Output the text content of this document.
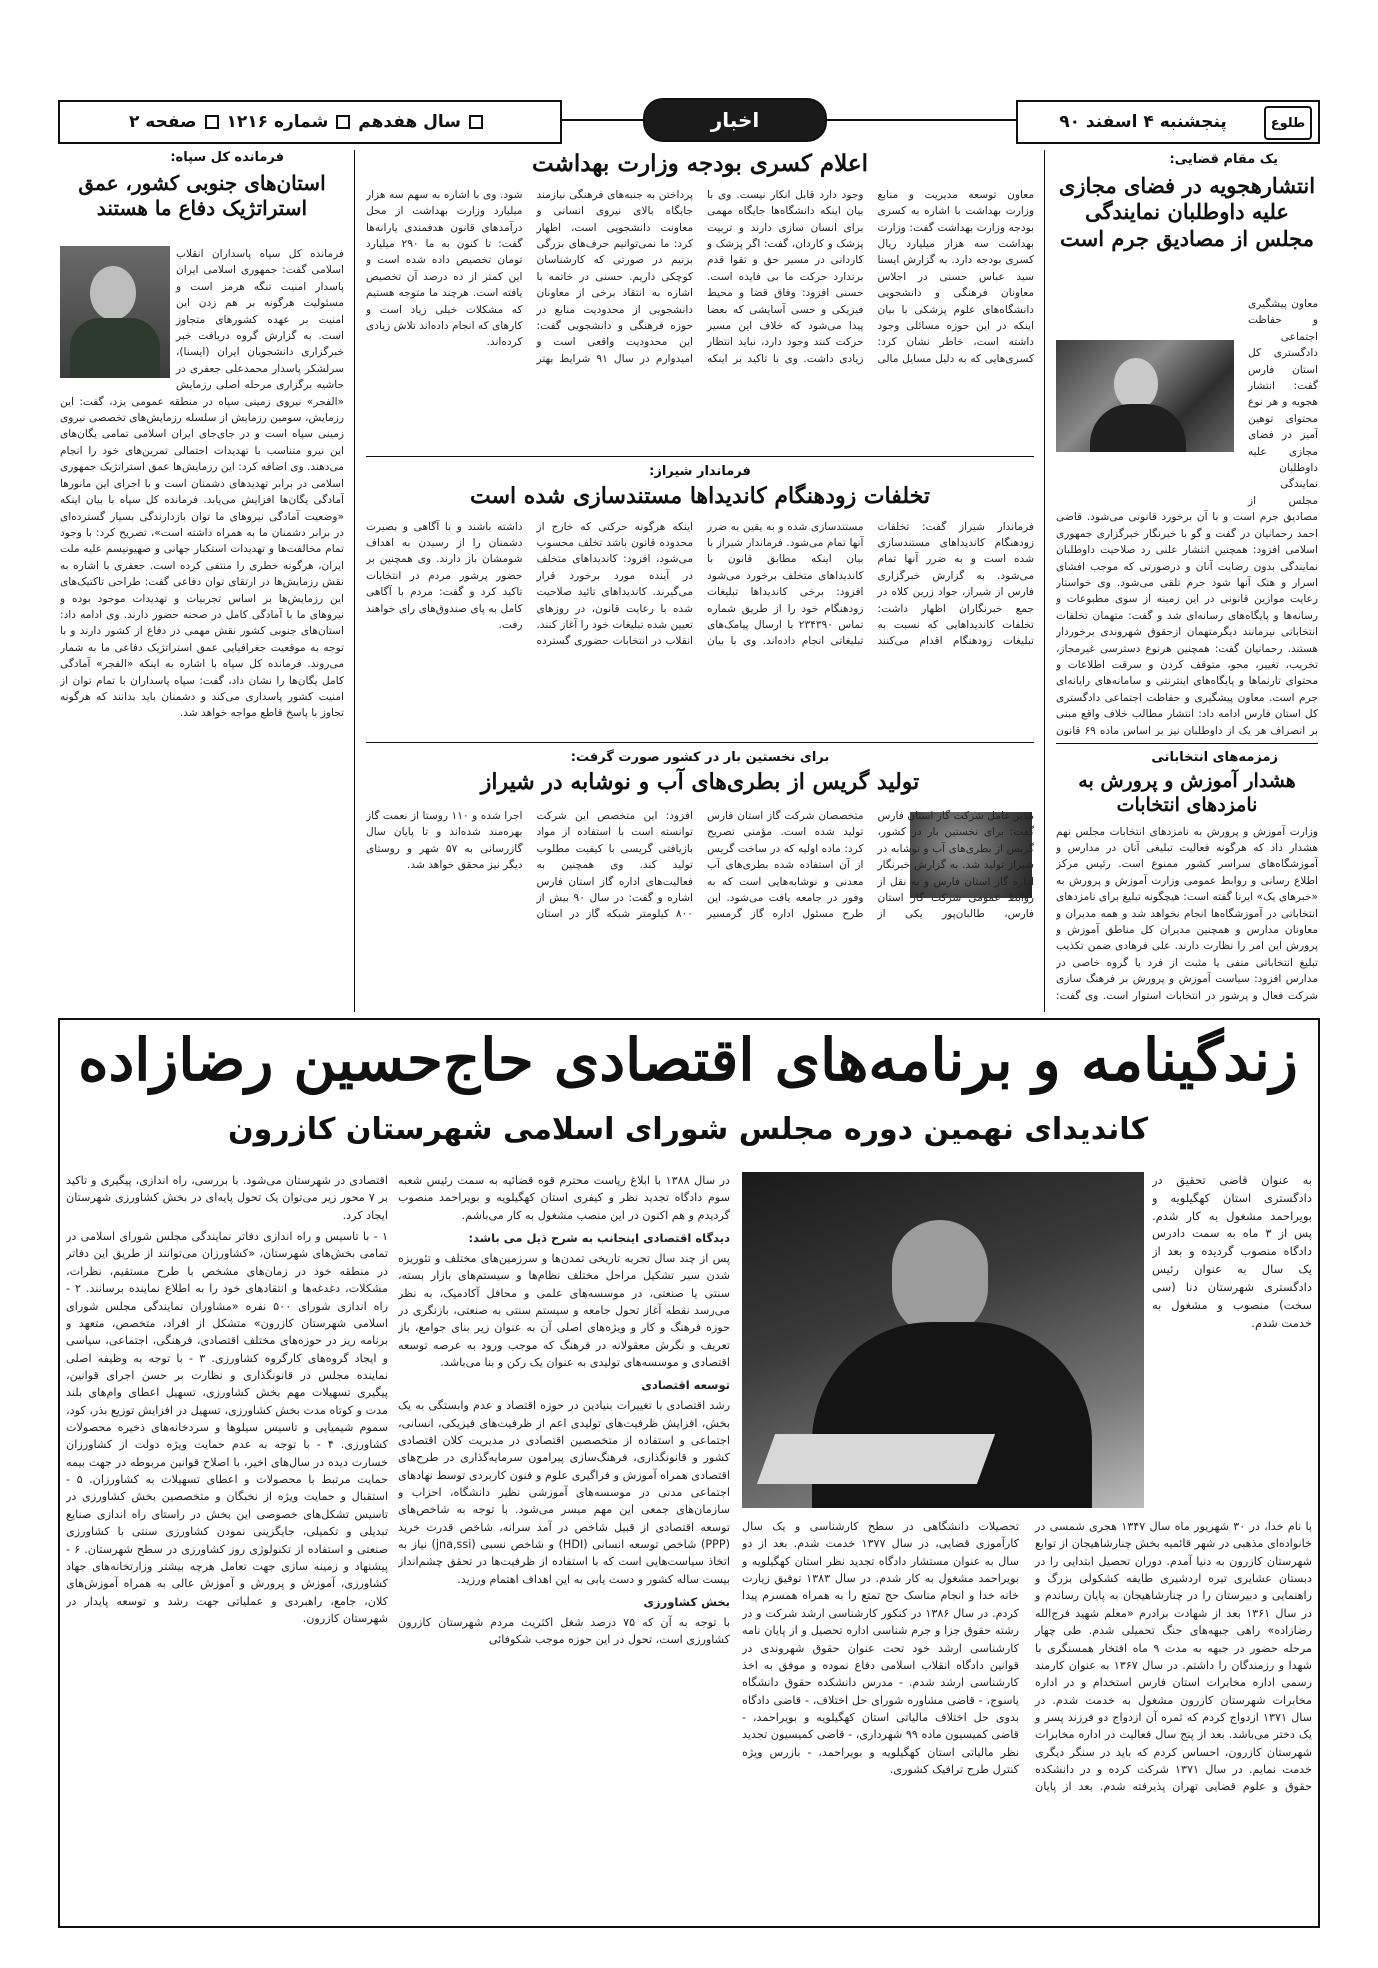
طلوع
پنجشنبه ۴ اسفند ۹۰
اخبار
سال هفدهم
شماره ۱۲۱۶
صفحه ۲
یک مقام قضایی:
انتشارهجویه در فضای مجازی علیه داوطلبان نمایندگی مجلس از مصادیق جرم است
معاون پیشگیری و حفاظت اجتماعی دادگستری کل استان فارس گفت: انتشار هجویه و هر نوع محتوای توهین آمیز در فضای مجازی علیه داوطلبان نمایندگی مجلس از مصادیق جرم است و با آن برخورد قانونی می‌شود. قاضی احمد رحمانیان در گفت و گو با خبرنگار خبرگزاری جمهوری اسلامی افزود: همچنین انتشار علنی رد صلاحیت داوطلبان نمایندگی بدون رضایت آنان و درصورتی که موجب افشای اسرار و هتک آنها شود جرم تلقی می‌شود. وی خواستار رعایت موازین قانونی در این زمینه از سوی مطبوعات و رسانه‌ها و پایگاه‌های رسانه‌ای شد و گفت: متهمان تخلفات انتخاباتی نیزمانند دیگرمتهمان ازحقوق شهروندی برخوردار هستند. رحمانیان گفت: همچنین هرنوع دسترسی غیرمجاز، تخریب، تغییر، محو، متوقف کردن و سرقت اطلاعات و محتوای تارنماها و پایگاه‌های اینترنتی و سامانه‌های رایانه‌ای جرم است. معاون پیشگیری و حفاظت اجتماعی دادگستری کل استان فارس ادامه داد: انتشار مطالب خلاف واقع مبنی بر انصراف هر یک از داوطلبان نیز بر اساس ماده ۶۹ قانون
زمزمه‌های انتخاباتی
هشدار آموزش و پرورش به نامزدهای انتخابات
وزارت آموزش و پرورش به نامزدهای انتخابات مجلس نهم هشدار داد که هرگونه فعالیت تبلیغی آنان در مدارس و آموزشگاه‌های سراسر کشور ممنوع است. رئیس مرکز اطلاع رسانی و روابط عمومی وزارت آموزش و پرورش به «خبرهای یک» ایرنا گفته است: هیچگونه تبلیغ برای نامزدهای انتخاباتی در آموزشگاه‌ها انجام نخواهد شد و همه مدیران و معاونان مدارس و همچنین مدیران کل مناطق آموزش و پرورش این امر را نظارت دارند. علی فرهادی ضمن تکذیب تبلیغ انتخاباتی منفی یا مثبت از فرد یا گروه خاصی در مدارس افزود: سیاست آموزش و پرورش بر فرهنگ سازی شرکت فعال و پرشور در انتخابات استوار است. وی گفت:
اعلام کسری بودجه وزارت بهداشت
معاون توسعه مدیریت و منابع وزارت بهداشت با اشاره به کسری بودجه وزارت بهداشت گفت: وزارت بهداشت سه هزار میلیارد ریال کسری بودجه دارد. به گزارش ایسنا سید عباس حسنی در اجلاس معاونان فرهنگی و دانشجویی دانشگاه‌های علوم پزشکی با بیان اینکه در این حوزه مسائلی وجود داشته است، خاطر نشان کرد: کسری‌هایی که به دلیل مسایل مالی وجود دارد قابل انکار نیست. وی با بیان اینکه دانشگاه‌ها جایگاه مهمی برای انسان سازی دارند و تربیت پزشک و کاردان، گفت: اگر پزشک و کاردانی در مسیر حق و تقوا قدم برندارد حرکت ما بی فایده است. حسنی افزود: وفاق قضا و محیط فیزیکی و حسی آسایشی که بعضا پیدا می‌شود که خلاف این مسیر حرکت کنند وجود دارد، نباید انتظار زیادی داشت. وی با تاکید بر اینکه پرداختن به جنبه‌های فرهنگی نیازمند جایگاه بالای نیروی انسانی و معاونت دانشجویی است، اظهار کرد: ما نمی‌توانیم حرف‌های بزرگی بزنیم در صورتی که کارشناسان کوچکی داریم. حسنی در خاتمه با اشاره به انتقاد برخی از معاونان دانشجویی از محدودیت منابع در حوزه فرهنگی و دانشجویی گفت: این محدودیت واقعی است و امیدوارم در سال ۹۱ شرایط بهتر شود. وی با اشاره به سهم سه هزار میلیارد وزارت بهداشت از محل درآمدهای قانون هدفمندی یارانه‌ها گفت: تا کنون به ما ۲۹۰ میلیارد تومان تخصیص داده شده است و این کمتر از ده درصد آن تخصیص یافته است. هرچند ما متوجه هستیم که مشکلات خیلی زیاد است و کارهای که انجام داده‌اند تلاش زیادی کرده‌اند.
فرماندار شیراز:
تخلفات زودهنگام کاندیداها مستندسازی شده است
فرماندار شیراز گفت: تخلفات زودهنگام کاندیداهای مستندسازی شده است و به ضرر آنها تمام می‌شود. به گزارش خبرگزاری فارس از شیراز، جواد زرین کلاه در جمع خبرنگاران اظهار داشت: تخلفات کاندیداهایی که نسبت به تبلیغات زودهنگام اقدام می‌کنند مستندسازی شده و به یقین به ضرر آنها تمام می‌شود. فرماندار شیراز با بیان اینکه مطابق قانون با کاندیداهای متخلف برخورد می‌شود افزود: برخی کاندیداها تبلیغات زودهنگام خود را از طریق شماره تماس ۲۳۴۳۹۰ با ارسال پیامک‌های تبلیغاتی انجام داده‌اند. وی با بیان اینکه هرگونه حرکتی که خارج از محدوده قانون باشد تخلف محسوب می‌شود، افزود: کاندیداهای متخلف در آینده مورد برخورد قرار می‌گیرند. کاندیداهای تائید صلاحیت شده با رعایت قانون، در روزهای تعیین شده تبلیغات خود را آغاز کنند. انقلاب در انتخابات حضوری گسترده داشته باشند و با آگاهی و بصیرت دشمنان را از رسیدن به اهداف شومشان باز دارند. وی همچنین بر حضور پرشور مردم در انتخابات تاکید کرد و گفت: مردم با آگاهی کامل به پای صندوق‌های رای خواهند رفت.
برای نخستین بار در کشور صورت گرفت:
تولید گریس از بطری‌های آب و نوشابه در شیراز
مدیر عامل شرکت گاز استان فارس گفت: برای نخستین بار در کشور، گریس از بطری‌های آب و نوشابه در شیراز تولید شد. به گزارش خبرنگار اداره گاز استان فارس و به نقل از روابط عمومی شرکت گاز استان فارس، طالبان‌پور یکی از متخصصان شرکت گاز استان فارس تولید شده است. مؤمنی تصریح کرد: ماده اولیه که در ساخت گریس از آن استفاده شده بطری‌های آب معدنی و نوشابه‌هایی است که به وفور در جامعه یافت می‌شود. این طرح مسئول اداره گاز گرمسیر افزود: این متخصص این شرکت توانسته است با استفاده از مواد بازیافتی گریسی با کیفیت مطلوب تولید کند. وی همچنین به فعالیت‌های اداره گاز استان فارس اشاره و گفت: در سال ۹۰ بیش از ۸۰۰ کیلومتر شبکه گاز در استان اجرا شده و ۱۱۰ روستا از نعمت گاز بهره‌مند شده‌اند و تا پایان سال گازرسانی به ۵۷ شهر و روستای دیگر نیز محقق خواهد شد.
فرمانده کل سپاه:
استان‌های جنوبی کشور، عمق استراتژیک دفاع ما هستند
فرمانده کل سپاه پاسداران انقلاب اسلامی گفت: جمهوری اسلامی ایران پاسدار امنیت تنگه هرمز است و مسئولیت هرگونه بر هم زدن این امنیت بر عهده کشورهای متجاوز است. به گزارش گروه دریافت خبر خبرگزاری دانشجویان ایران (ایسنا)، سرلشکر پاسدار محمدعلی جعفری در حاشیه برگزاری مرحله اصلی رزمایش «الفجر» نیروی زمینی سپاه در منطقه عمومی یزد، گفت: این رزمایش، سومین رزمایش از سلسله رزمایش‌های تخصصی نیروی زمینی سپاه است و در جای‌جای ایران اسلامی تمامی یگان‌های این نیرو متناسب با تهدیدات احتمالی تمرین‌های خود را انجام می‌دهند. وی اضافه کرد: این رزمایش‌ها عمق استراتژیک جمهوری اسلامی در برابر تهدیدهای دشمنان است و با اجرای این مانورها آمادگی یگان‌ها افزایش می‌یابد. فرمانده کل سپاه با بیان اینکه «وضعیت آمادگی نیروهای ما توان بازدارندگی بسیار گسترده‌ای در برابر دشمنان ما به همراه داشته است»، تصریح کرد: با وجود تمام مخالفت‌ها و تهدیدات استکبار جهانی و صهیونیسم علیه ملت ایران، هرگونه خطری را منتفی کرده است. جعفری با اشاره به نقش رزمایش‌ها در ارتقای توان دفاعی گفت: طراحی تاکتیک‌های این رزمایش‌ها بر اساس تجربیات و تهدیدات موجود بوده و نیروهای ما با آمادگی کامل در صحنه حضور دارند. وی ادامه داد: استان‌های جنوبی کشور نقش مهمی در دفاع از کشور دارند و با توجه به موقعیت جغرافیایی عمق استراتژیک دفاعی ما به شمار می‌روند. فرمانده کل سپاه با اشاره به اینکه «الفجر» آمادگی کامل یگان‌ها را نشان داد، گفت: سپاه پاسداران با تمام توان از امنیت کشور پاسداری می‌کند و دشمنان باید بدانند که هرگونه تجاوز با پاسخ قاطع مواجه خواهد شد.
زندگینامه و برنامه‌های اقتصادی حاج‌حسین رضازاده
کاندیدای نهمین دوره مجلس شورای اسلامی شهرستان کازرون
به عنوان قاضی تحقیق در دادگستری استان کهگیلویه و بویراحمد مشغول به کار شدم. پس از ۳ ماه به سمت دادرس دادگاه منصوب گردیده و بعد از یک سال به عنوان رئیس دادگستری شهرستان دنا (سی سخت) منصوب و مشغول به خدمت شدم.
با نام خدا، در ۳۰ شهریور ماه سال ۱۳۴۷ هجری شمسی در خانواده‌ای مذهبی در شهر قائمیه بخش چنارشاهیجان از توابع شهرستان کازرون به دنیا آمدم. دوران تحصیل ابتدایی را در دبستان عشایری تیره اردشیری طایفه کشکولی بزرگ و راهنمایی و دبیرستان را در چنارشاهیجان به پایان رساندم و در سال ۱۳۶۱ بعد از شهادت برادرم «معلم شهید فرج‌الله رضازاده» راهی جبهه‌های جنگ تحمیلی شدم. طی چهار مرحله حضور در جبهه به مدت ۹ ماه افتخار همسنگری با شهدا و رزمندگان را داشتم. در سال ۱۳۶۷ به عنوان کارمند رسمی اداره مخابرات استان فارس استخدام و در اداره مخابرات شهرستان کازرون مشغول به خدمت شدم. در سال ۱۳۷۱ ازدواج کردم که ثمره آن ازدواج دو فرزند پسر و یک دختر می‌باشد. بعد از پنج سال فعالیت در اداره مخابرات شهرستان کازرون، احساس کردم که باید در سنگر دیگری خدمت نمایم. در سال ۱۳۷۱ شرکت کرده و در دانشکده حقوق و علوم قضایی تهران پذیرفته شدم. بعد از پایان تحصیلات دانشگاهی در سطح کارشناسی و یک سال کارآموزی قضایی، در سال ۱۳۷۷ خدمت شدم. بعد از دو سال به عنوان مستشار دادگاه تجدید نظر استان کهگیلویه و بویراحمد مشغول به کار شدم. در سال ۱۳۸۳ توفیق زیارت خانه خدا و انجام مناسک حج تمتع را به همراه همسرم پیدا کردم. در سال ۱۳۸۶ در کنکور کارشناسی ارشد شرکت و در رشته حقوق جزا و جرم شناسی اداره تحصیل و از پایان نامه کارشناسی ارشد خود تحت عنوان حقوق شهروندی در قوانین دادگاه انقلاب اسلامی دفاع نموده و موفق به اخذ کارشناسی ارشد شدم. ‑ مدرس دانشکده حقوق دانشگاه یاسوج، ‑ قاضی مشاوره شورای حل اختلاف، ‑ قاضی دادگاه بدوی حل اختلاف مالیاتی استان کهگیلویه و بویراحمد، ‑ قاضی کمیسیون ماده ۹۹ شهرداری، ‑ قاضی کمیسیون تجدید نظر مالیاتی استان کهگیلویه و بویراحمد، ‑ بازرس ویژه کنترل طرح ترافیک کشوری.
در سال ۱۳۸۸ با ابلاغ ریاست محترم قوه قضائیه به سمت رئیس شعبه سوم دادگاه تجدید نظر و کیفری استان کهگیلویه و بویراحمد منصوب گردیدم و هم اکنون در این منصب مشغول به کار می‌باشم.
دیدگاه اقتصادی اینجانب به شرح ذیل می باشد:
پس از چند سال تجربه تاریخی تمدن‌ها و سرزمین‌های مختلف و تئوریزه شدن سیر تشکیل مراحل مختلف نظام‌ها و سیستم‌های بازار بسته، سنتی یا صنعتی، در موسسه‌های علمی و محافل آکادمیک، به نظر می‌رسد نقطه آغاز تحول جامعه و سیستم سنتی به صنعتی، بازنگری در حوزه فرهنگ و کار و ویژه‌های اصلی آن به عنوان زیر بنای جوامع، باز تعریف و نگرش معقولانه در فرهنگ که موجب ورود به عرصه توسعه اقتصادی و موسسه‌های تولیدی به عنوان یک رکن و بنا می‌باشد.
توسعه اقتصادی
رشد اقتصادی با تغییرات بنیادین در حوزه اقتصاد و عدم وابستگی به یک بخش، افزایش ظرفیت‌های تولیدی اعم از ظرفیت‌های فیزیکی، انسانی، اجتماعی و استفاده از متخصصین اقتصادی در مدیریت کلان اقتصادی کشور و قانونگذاری، فرهنگ‌سازی پیرامون سرمایه‌گذاری در طرح‌های اقتصادی همراه آموزش و فراگیری علوم و فنون کاربردی توسط نهادهای اجتماعی مدنی در موسسه‌های آموزشی نظیر دانشگاه، احزاب و سازمان‌های جمعی این مهم میسر می‌شود. با توجه به شاخص‌های توسعه اقتصادی از قبیل شاخص در آمد سرانه، شاخص قدرت خرید (PPP) شاخص توسعه انسانی (HDI) و شاخص نسبی (jna,ssi) نیاز به اتخاذ سیاست‌هایی است که با استفاده از ظرفیت‌ها در تحقق چشم‌انداز بیست ساله کشور و دست یابی به این اهداف اهتمام ورزید.
بخش کشاورزی
با توجه به آن که ۷۵ درصد شغل اکثریت مردم شهرستان کازرون کشاورزی است، تحول در این حوزه موجب شکوفائی
اقتصادی در شهرستان می‌شود. با بررسی، راه اندازی، پیگیری و تاکید بر ۷ محور زیر می‌توان یک تحول پایه‌ای در بخش کشاورزی شهرستان ایجاد کرد.
۱ ‑ با تاسیس و راه اندازی دفاتر نمایندگی مجلس شورای اسلامی در تمامی بخش‌های شهرستان، «کشاورزان می‌توانند از طریق این دفاتر در منطقه خود در زمان‌های مشخص با طرح مستقیم، نظرات، مشکلات، دغدغه‌ها و انتقادهای خود را به اطلاع نماینده برسانند. ۲ ‑ راه اندازی شورای ۵۰۰ نفره «مشاوران نمایندگی مجلس شورای اسلامی شهرستان کازرون» متشکل از افراد، متخصص، متعهد و برنامه ریز در حوزه‌های مختلف اقتصادی، فرهنگی، اجتماعی، سیاسی و ایجاد گروه‌های کارگروه کشاورزی. ۳ ‑ با توجه به وظیفه اصلی نماینده مجلس در قانونگذاری و نظارت بر حسن اجرای قوانین، پیگیری تسهیلات مهم بخش کشاورزی، تسهیل اعطای وام‌های بلند مدت و کوتاه مدت بخش کشاورزی، تسهیل در افزایش توزیع بذر، کود، سموم شیمیایی و تاسیس سیلوها و سردخانه‌های ذخیره محصولات کشاورزی. ۴ ‑ با توجه به عدم حمایت ویژه دولت از کشاورزان خسارت دیده در سال‌های اخیر، با اصلاح قوانین مربوطه در جهت بیمه حمایت مرتبط با محصولات و اعطای تسهیلات به کشاورزان. ۵ ‑ استقبال و حمایت ویژه از نخبگان و متخصصین بخش کشاورزی در تاسیس تشکل‌های خصوصی این بخش در راستای راه اندازی صنایع تبدیلی و تکمیلی، جایگزینی نمودن کشاورزی سنتی با کشاورزی صنعتی و استفاده از تکنولوژی روز کشاورزی در سطح شهرستان. ۶ ‑ پیشنهاد و زمینه سازی جهت تعامل هرچه بیشتر وزارتخانه‌های جهاد کشاورزی، آموزش و پرورش و آموزش عالی به همراه آموزش‌های کلان، جامع، راهبردی و عملیاتی جهت رشد و توسعه پایدار در شهرستان کازرون.
